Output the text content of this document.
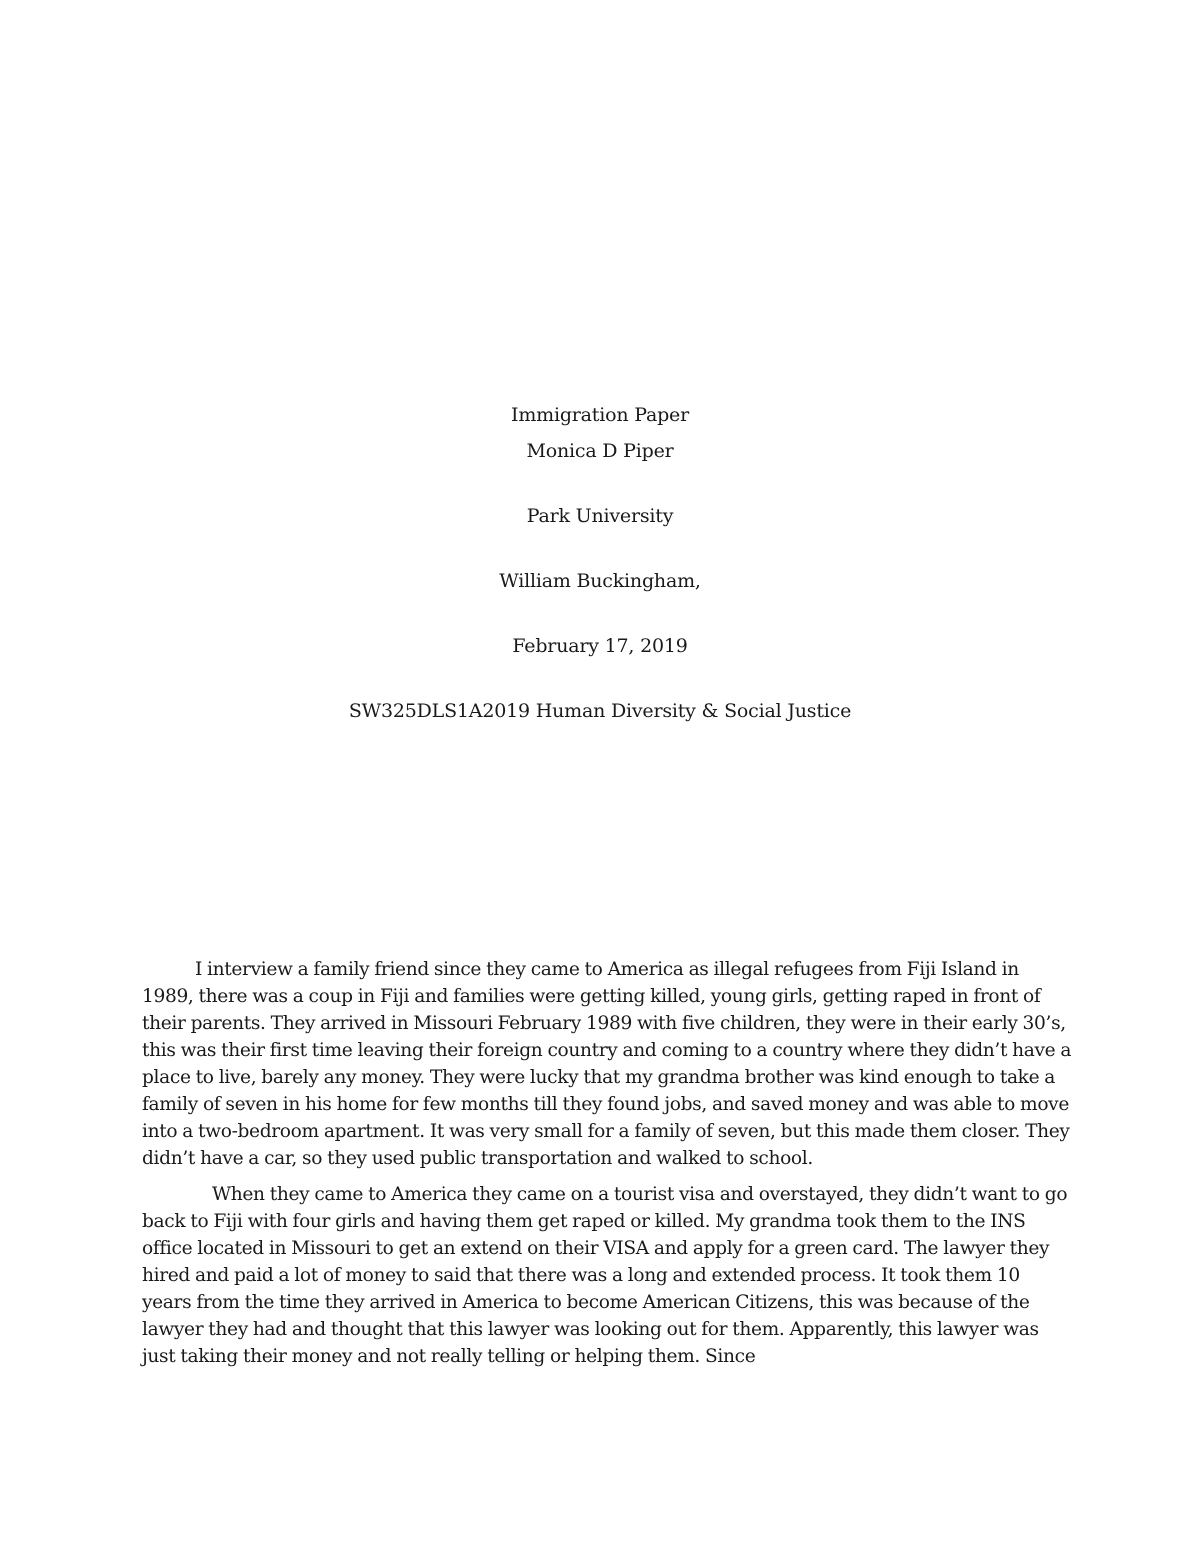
Immigration Paper
Monica D Piper
Park University
William Buckingham,
February 17, 2019
SW325DLS1A2019 Human Diversity & Social Justice

I interview a family friend since they came to America as illegal refugees from Fiji Island in 1989, there was a coup in Fiji and families were getting killed, young girls, getting raped in front of their parents. They arrived in Missouri February 1989 with five children, they were in their early 30’s, this was their first time leaving their foreign country and coming to a country where they didn’t have a place to live, barely any money. They were lucky that my grandma brother was kind enough to take a family of seven in his home for few months till they found jobs, and saved money and was able to move into a two-bedroom apartment. It was very small for a family of seven, but this made them closer. They didn’t have a car, so they used public transportation and walked to school.

When they came to America they came on a tourist visa and overstayed, they didn’t want to go back to Fiji with four girls and having them get raped or killed. My grandma took them to the INS office located in Missouri to get an extend on their VISA and apply for a green card. The lawyer they hired and paid a lot of money to said that there was a long and extended process. It took them 10 years from the time they arrived in America to become American Citizens, this was because of the lawyer they had and thought that this lawyer was looking out for them. Apparently, this lawyer was just taking their money and not really telling or helping them. Since
